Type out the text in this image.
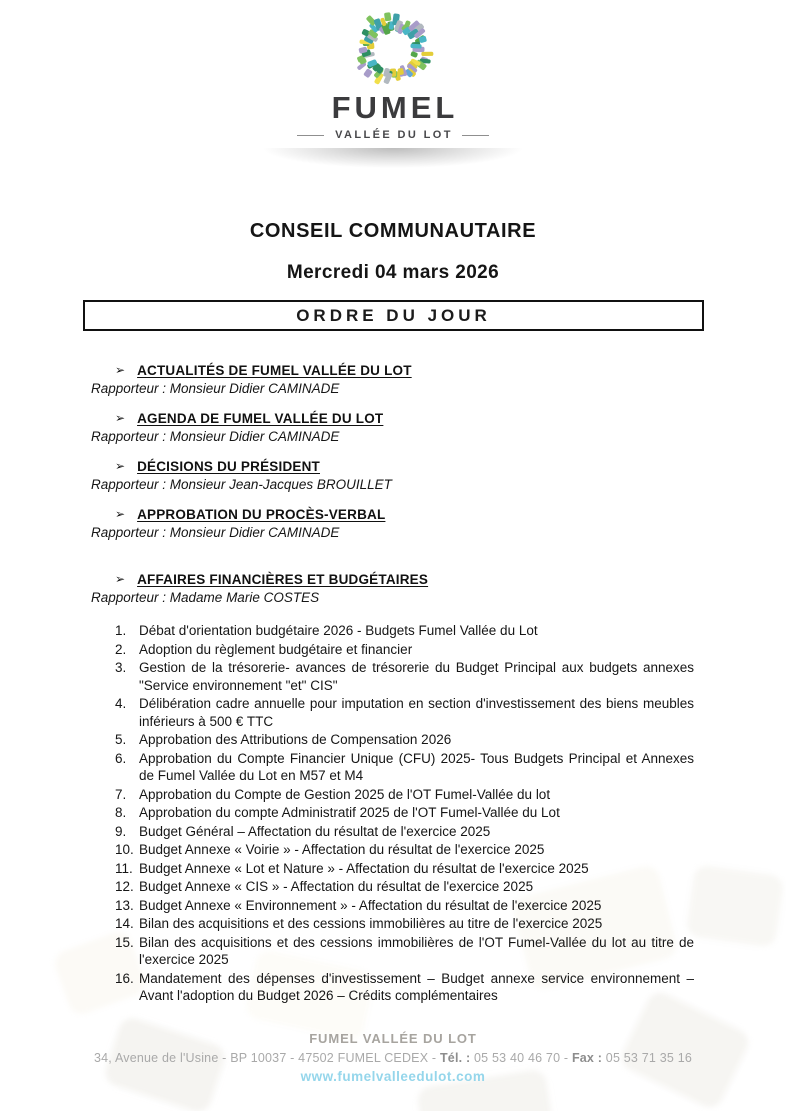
FUMEL
VALLÉE DU LOT
CONSEIL COMMUNAUTAIRE
Mercredi 04 mars 2026
ORDRE DU JOUR
➢ ACTUALITÉS DE FUMEL VALLÉE DU LOT
Rapporteur : Monsieur Didier CAMINADE
➢ AGENDA DE FUMEL VALLÉE DU LOT
Rapporteur : Monsieur Didier CAMINADE
➢ DÉCISIONS DU PRÉSIDENT
Rapporteur : Monsieur Jean-Jacques BROUILLET
➢ APPROBATION DU PROCÈS-VERBAL
Rapporteur : Monsieur Didier CAMINADE
➢ AFFAIRES FINANCIÈRES ET BUDGÉTAIRES
Rapporteur : Madame Marie COSTES
1. Débat d'orientation budgétaire 2026 - Budgets Fumel Vallée du Lot
2. Adoption du règlement budgétaire et financier
3. Gestion de la trésorerie- avances de trésorerie du Budget Principal aux budgets annexes "Service environnement "et" CIS"
4. Délibération cadre annuelle pour imputation en section d'investissement des biens meubles inférieurs à 500 € TTC
5. Approbation des Attributions de Compensation 2026
6. Approbation du Compte Financier Unique (CFU) 2025- Tous Budgets Principal et Annexes de Fumel Vallée du Lot en M57 et M4
7. Approbation du Compte de Gestion 2025 de l'OT Fumel-Vallée du lot
8. Approbation du compte Administratif 2025 de l'OT Fumel-Vallée du Lot
9. Budget Général – Affectation du résultat de l'exercice 2025
10. Budget Annexe « Voirie » - Affectation du résultat de l'exercice 2025
11. Budget Annexe « Lot et Nature » - Affectation du résultat de l'exercice 2025
12. Budget Annexe « CIS » - Affectation du résultat de l'exercice 2025
13. Budget Annexe « Environnement » - Affectation du résultat de l'exercice 2025
14. Bilan des acquisitions et des cessions immobilières au titre de l'exercice 2025
15. Bilan des acquisitions et des cessions immobilières de l'OT Fumel-Vallée du lot au titre de l'exercice 2025
16. Mandatement des dépenses d'investissement – Budget annexe service environnement – Avant l'adoption du Budget 2026 – Crédits complémentaires
FUMEL VALLÉE DU LOT
34, Avenue de l'Usine - BP 10037 - 47502 FUMEL CEDEX - Tél. : 05 53 40 46 70 - Fax : 05 53 71 35 16
www.fumelvalleedulot.com
